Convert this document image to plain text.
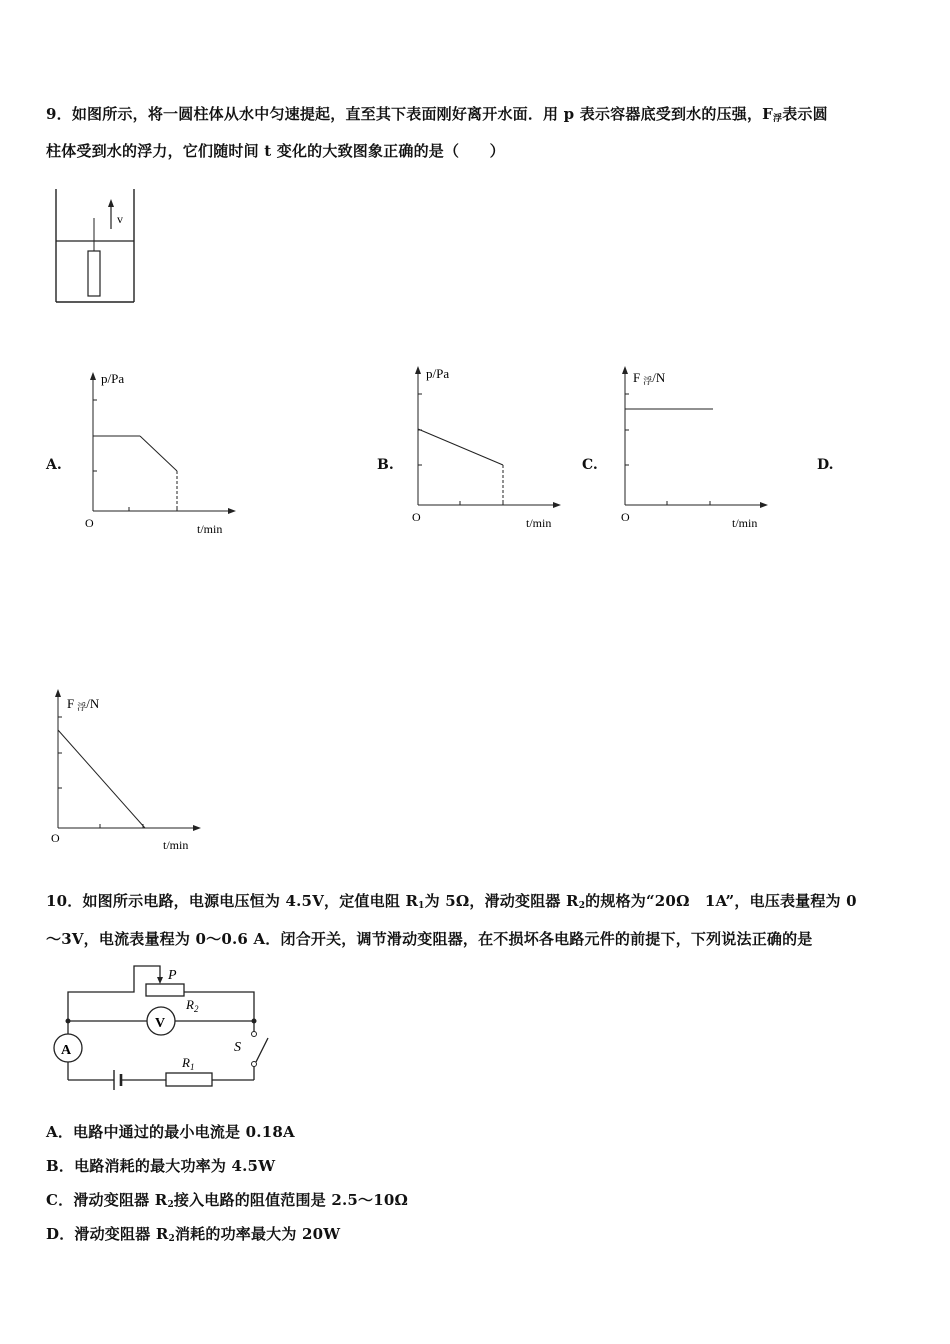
9．如图所示，将一圆柱体从水中匀速提起，直至其下表面刚好离开水面．用 p 表示容器底受到水的压强，F浮表示圆
柱体受到水的浮力，它们随时间 t 变化的大致图象正确的是（　　）
v
A.
p/Pa
O	t/min
B.
p/Pa
O	t/min
C.
F 浮/N
O	t/min
D.
F 浮/N
O	t/min
10．如图所示电路，电源电压恒为 4.5V，定值电阻 R1为 5Ω，滑动变阻器 R2的规格为“20Ω　1A”，电压表量程为 0
～3V，电流表量程为 0～0.6 A．闭合开关，调节滑动变阻器，在不损坏各电路元件的前提下，下列说法正确的是
P
$R_2$
V
A
$R_1$
S
A．电路中通过的最小电流是 0.18A
B．电路消耗的最大功率为 4.5W
C．滑动变阻器 R2接入电路的阻值范围是 2.5～10Ω
D．滑动变阻器 R2消耗的功率最大为 20W
